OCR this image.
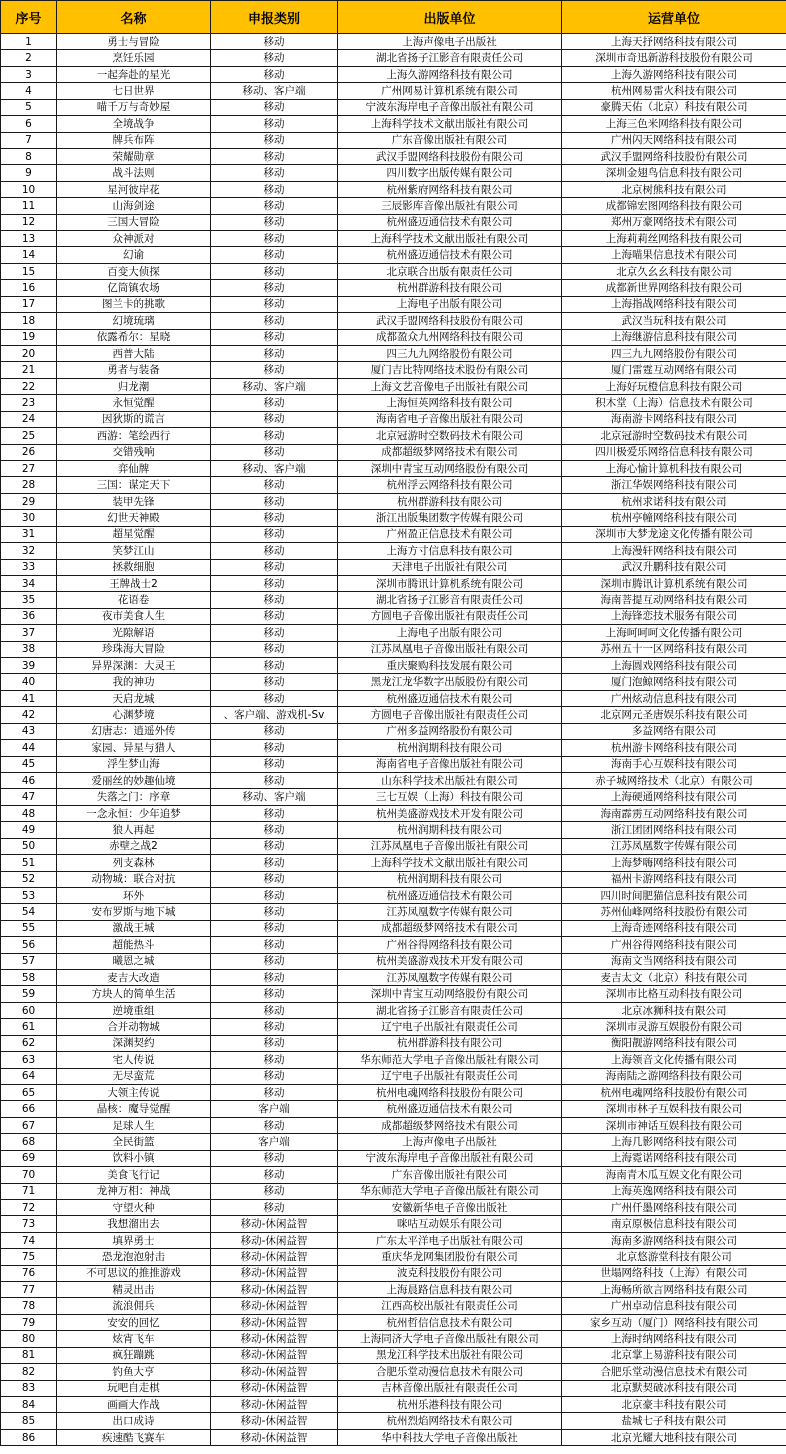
序号	名称	申报类别	出版单位	运营单位
1	勇士与冒险	移动	上海声像电子出版社	上海天抒网络科技有限公司
2	烹饪乐园	移动	湖北省扬子江影音有限责任公司	深圳市奇迅新游科技股份有限公司
3	一起奔赴的星光	移动	上海久游网络科技有限公司	上海久游网络科技有限公司
4	七日世界	移动、客户端	广州网易计算机系统有限公司	杭州网易雷火科技有限公司
5	喵千万与奇妙屋	移动	宁波东海岸电子音像出版社有限公司	豪腾天佑（北京）科技有限公司
6	全境战争	移动	上海科学技术文献出版社有限公司	上海三色米网络科技有限公司
7	牌兵布阵	移动	广东音像出版社有限公司	广州闪天网络科技有限公司
8	荣耀勋章	移动	武汉手盟网络科技股份有限公司	武汉手盟网络科技股份有限公司
9	战斗法则	移动	四川数字出版传媒有限公司	深圳金翅鸟信息科技有限公司
10	星河彼岸花	移动	杭州紫府网络科技有限公司	北京树熊科技有限公司
11	山海剑途	移动	三辰影库音像出版社有限公司	成都锦宏图网络科技有限公司
12	三国大冒险	移动	杭州盛迈通信技术有限公司	郑州万豪网络技术有限公司
13	众神派对	移动	上海科学技术文献出版社有限公司	上海莉莉丝网络科技有限公司
14	幻谕	移动	杭州盛迈通信技术有限公司	上海喵果信息技术有限公司
15	百变大侦探	移动	北京联合出版有限责任公司	北京久幺幺科技有限公司
16	亿筒镇农场	移动	杭州群游科技有限公司	成都新世界网络科技有限公司
17	图兰卡的挑歌	移动	上海电子出版有限公司	上海指战网络科技有限公司
18	幻境琉璃	移动	武汉手盟网络科技股份有限公司	武汉当玩科技有限公司
19	依露希尔：星晓	移动	成都盈众九州网络科技有限公司	上海继游信息科技有限公司
20	西普大陆	移动	四三九九网络股份有限公司	四三九九网络股份有限公司
21	勇者与装备	移动	厦门吉比特网络技术股份有限公司	厦门雷霆互动网络有限公司
22	归龙潮	移动、客户端	上海文艺音像电子出版社有限公司	上海好玩橙信息科技有限公司
23	永恒觉醒	移动	上海恒英网络科技有限公司	积木堂（上海）信息技术有限公司
24	因狄斯的谎言	移动	海南省电子音像出版社有限公司	海南游卡网络科技有限公司
25	西游：笔绘西行	移动	北京冠游时空数码技术有限公司	北京冠游时空数码技术有限公司
26	交错残响	移动	成都超级梦网络技术有限公司	四川极爱乐网络信息科技有限公司
27	弈仙牌	移动、客户端	深圳中青宝互动网络股份有限公司	上海心愉计算机科技有限公司
28	三国：谋定天下	移动	杭州浮云网络科技有限公司	浙江华娱网络科技有限公司
29	装甲先锋	移动	杭州群游科技有限公司	杭州求诺科技有限公司
30	幻世天神殿	移动	浙江出版集团数字传媒有限公司	杭州亭幢网络科技有限公司
31	超星觉醒	移动	广州盈正信息技术有限公司	深圳市大梦龙途文化传播有限公司
32	笑梦江山	移动	上海方寸信息科技有限公司	上海漫轩网络科技有限公司
33	拯救细胞	移动	天津电子出版社有限公司	武汉升鹏科技有限公司
34	王牌战士2	移动	深圳市腾讯计算机系统有限公司	深圳市腾讯计算机系统有限公司
35	花语卷	移动	湖北省扬子江影音有限责任公司	海南菩提互动网络科技有限公司
36	夜市美食人生	移动	方圆电子音像出版社有限责任公司	上海锋恋技术服务有限公司
37	光隙解语	移动	上海电子出版有限公司	上海呵呵呵文化传播有限公司
38	珍珠海大冒险	移动	江苏凤凰电子音像出版社有限公司	苏州五十一区网络科技有限公司
39	异界深渊：大灵王	移动	重庆聚购科技发展有限公司	上海圆戏网络科技有限公司
40	我的神功	移动	黑龙江龙华数字出版股份有限公司	厦门泡鲸网络科技有限公司
41	天启龙城	移动	杭州盛迈通信技术有限公司	广州炫动信息科技有限公司
42	心渊梦境	、客户端、游戏机-Sv	方圆电子音像出版社有限责任公司	北京网元圣唐娱乐科技有限公司
43	幻唐志：逍遥外传	移动	广州多益网络股份有限公司	多益网络有限公司
44	家园、异星与猎人	移动	杭州润期科技有限公司	杭州游卡网络科技有限公司
45	浮生梦山海	移动	海南省电子音像出版社有限公司	海南手心互娱科技有限公司
46	爱丽丝的妙趣仙境	移动	山东科学技术出版社有限公司	赤子城网络技术（北京）有限公司
47	失落之门：序章	移动、客户端	三七互娱（上海）科技有限公司	上海硬通网络科技有限公司
48	一念永恒：少年追梦	移动	杭州美盛游戏技术开发有限公司	海南霹雳互动网络科技有限公司
49	狼人再起	移动	杭州润期科技有限公司	浙江团团网络科技有限公司
50	赤壁之战2	移动	江苏凤凰电子音像出版社有限公司	江苏凤凰数字传媒有限公司
51	列支森林	移动	上海科学技术文献出版社有限公司	上海梦嗨网络科技有限公司
52	动物城：联合对抗	移动	杭州润期科技有限公司	福州卡游网络科技有限公司
53	环外	移动	杭州盛迈通信技术有限公司	四川时间肥猫信息科技有限公司
54	安布罗斯与地下城	移动	江苏凤凰数字传媒有限公司	苏州仙峰网络科技股份有限公司
55	激战王城	移动	成都超级梦网络技术有限公司	上海奇迹网络科技有限公司
56	超能热斗	移动	广州谷得网络科技有限公司	广州谷得网络科技有限公司
57	曦恩之城	移动	杭州美盛游戏技术开发有限公司	海南文当网络科技有限公司
58	麦吉大改造	移动	江苏凤凰数字传媒有限公司	麦吉太文（北京）科技有限公司
59	方块人的简单生活	移动	深圳中青宝互动网络股份有限公司	深圳市比格互动科技有限公司
60	逆境重组	移动	湖北省扬子江影音有限责任公司	北京冰狮科技有限公司
61	合并动物城	移动	辽宁电子出版社有限责任公司	深圳市灵游互娱股份有限公司
62	深渊契约	移动	杭州群游科技有限公司	衡阳靓游网络科技有限公司
63	宅人传说	移动	华东师范大学电子音像出版社有限公司	上海领音文化传播有限公司
64	无尽蛮荒	移动	辽宁电子出版社有限责任公司	海南陆之游网络科技有限公司
65	大领主传说	移动	杭州电魂网络科技股份有限公司	杭州电魂网络科技股份有限公司
66	晶核：魔导觉醒	客户端	杭州盛迈通信技术有限公司	深圳市林子互娱科技有限公司
67	足球人生	移动	成都超级梦网络技术有限公司	深圳市神话互娱科技有限公司
68	全民街篮	客户端	上海声像电子出版社	上海几影网络科技有限公司
69	饮料小镇	移动	宁波东海岸电子音像出版社有限公司	上海霓诺网络科技有限公司
70	美食飞行记	移动	广东音像出版社有限公司	海南青木瓜互娱文化有限公司
71	龙神万相：神战	移动	华东师范大学电子音像出版社有限公司	上海英逸网络科技有限公司
72	守望火种	移动	安徽新华电子音像出版社	广州仟墨网络科技有限公司
73	我想溜出去	移动-休闲益智	咪咕互动娱乐有限公司	南京原极信息科技有限公司
74	填界勇士	移动-休闲益智	广东太平洋电子出版社有限公司	海南多游网络科技有限公司
75	恐龙泡泡射击	移动-休闲益智	重庆华龙网集团股份有限公司	北京悠游堂科技有限公司
76	不可思议的推推游戏	移动-休闲益智	波克科技股份有限公司	世塌网络科技（上海）有限公司
77	精灵出击	移动-休闲益智	上海晨路信息科技有限公司	上海畅所欲言网络科技有限公司
78	流浪佣兵	移动-休闲益智	江西高校出版社有限责任公司	广州卓动信息科技有限公司
79	安安的回忆	移动-休闲益智	杭州哲信信息技术有限公司	家乡互动（厦门）网络科技有限公司
80	炫宵飞车	移动-休闲益智	上海同济大学电子音像出版社有限公司	上海时纳网络科技有限公司
81	疯狂蹦跳	移动-休闲益智	黑龙江科学技术出版社有限公司	北京掌上易游科技有限公司
82	钓鱼大亨	移动-休闲益智	合肥乐堂动漫信息技术有限公司	合肥乐堂动漫信息技术有限公司
83	玩吧自走棋	移动-休闲益智	吉林音像出版社有限责任公司	北京默契破冰科技有限公司
84	画画大作战	移动-休闲益智	杭州乐港科技有限公司	北京豪丰科技有限公司
85	出口成诗	移动-休闲益智	杭州烈焰网络技术有限公司	盐城七子科技有限公司
86	疾速酷飞赛车	移动-休闲益智	华中科技大学电子音像出版社	北京光耀大地科技有限公司
